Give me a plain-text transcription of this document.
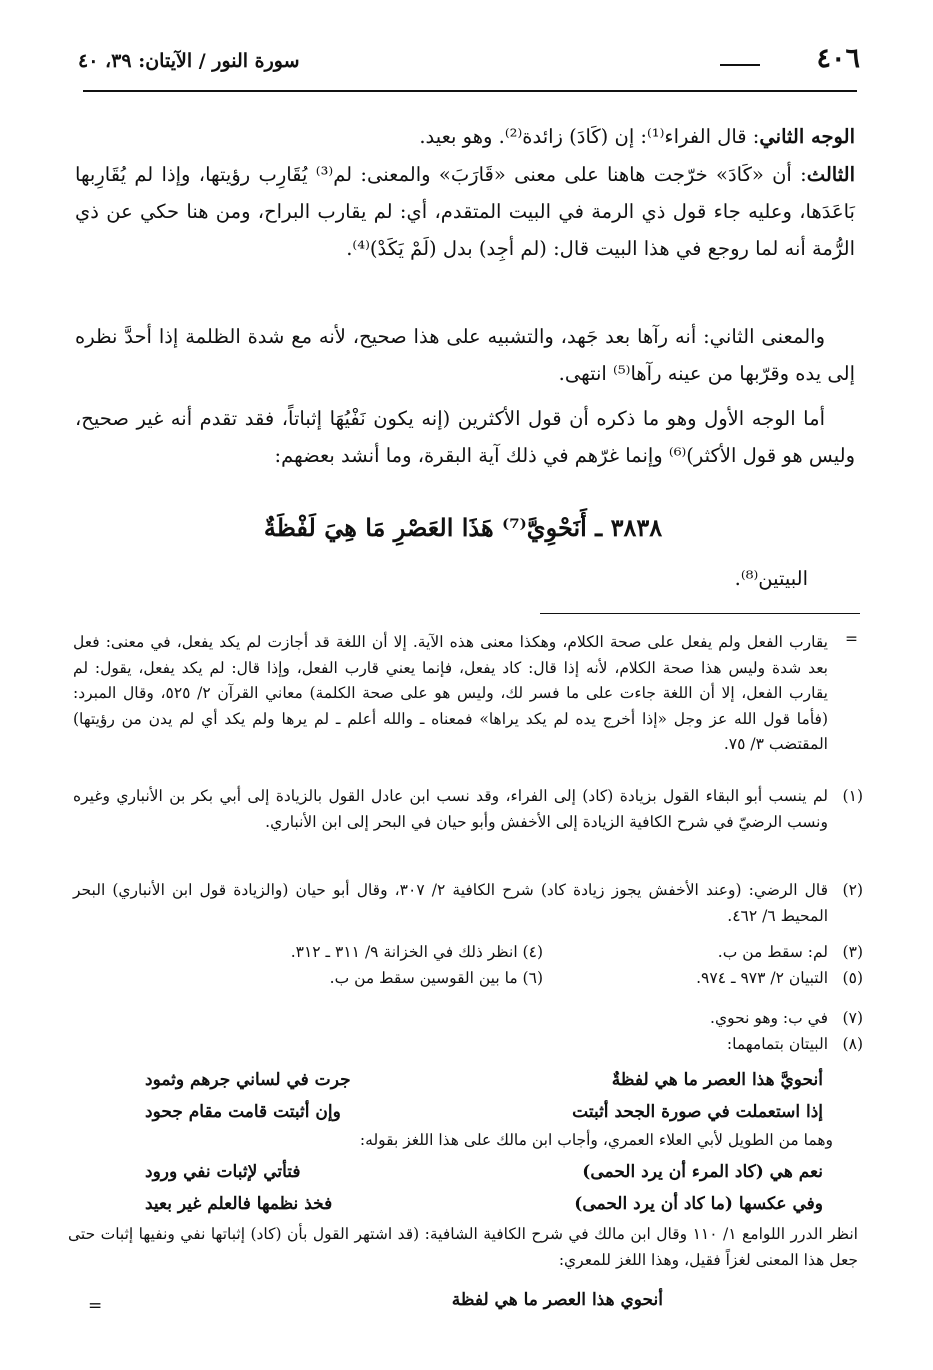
٤٠٦
سورة النور / الآيتان: ٣٩، ٤٠
الوجه الثاني: قال الفراء⁽¹⁾: إن (كَادَ) زائدة⁽²⁾. وهو بعيد.
الثالث: أن «كَادَ» خرّجت هاهنا على معنى «قَارَبَ» والمعنى: لم⁽³⁾ يُقَارِب رؤيتها، وإذا لم يُقَارِبها بَاعَدَها، وعليه جاء قول ذي الرمة في البيت المتقدم، أي: لم يقارب البراح، ومن هنا حكي عن ذي الرُّمة أنه لما روجع في هذا البيت قال: (لم أجِد) بدل (لَمْ يَكَدْ)⁽⁴⁾.
والمعنى الثاني: أنه رآها بعد جَهد، والتشبيه على هذا صحيح، لأنه مع شدة الظلمة إذا أحدَّ نظره إلى يده وقرّبها من عينه رآها⁽⁵⁾ انتهى.
أما الوجه الأول وهو ما ذكره أن قول الأكثرين (إنه يكون نَفْيُهَا إثباتاً، فقد تقدم أنه غير صحيح، وليس هو قول الأكثر)⁽⁶⁾ وإنما غرّهم في ذلك آية البقرة، وما أنشد بعضهم:
٣٨٣٨ ـ أَنَحْوِيَّ⁽⁷⁾ هَذَا العَصْرِ مَا هِيَ لَفْظَةٌ
البيتين⁽⁸⁾.
=
يقارب الفعل ولم يفعل على صحة الكلام، وهكذا معنى هذه الآية. إلا أن اللغة قد أجازت لم يكد يفعل، في معنى: فعل بعد شدة وليس هذا صحة الكلام، لأنه إذا قال: كاد يفعل، فإنما يعني قارب الفعل، وإذا قال: لم يكد يفعل، يقول: لم يقارب الفعل، إلا أن اللغة جاءت على ما فسر لك، وليس هو على صحة الكلمة) معاني القرآن ٢/ ٥٢٥، وقال المبرد: (فأما قول الله عز وجل «إذا أخرج يده لم يكد يراها» فمعناه ـ والله أعلم ـ لم يرها ولم يكد أي لم يدن من رؤيتها) المقتضب ٣/ ٧٥.
(١)
لم ينسب أبو البقاء القول بزيادة (كاد) إلى الفراء، وقد نسب ابن عادل القول بالزيادة إلى أبي بكر بن الأنباري وغيره ونسب الرضيّ في شرح الكافية الزيادة إلى الأخفش وأبو حيان في البحر إلى ابن الأنباري.
(٢)
قال الرضي: (وعند الأخفش يجوز زيادة كاد) شرح الكافية ٢/ ٣٠٧، وقال أبو حيان (والزيادة قول ابن الأنباري) البحر المحيط ٦/ ٤٦٢.
(٣)
لم: سقط من ب.
(٤) انظر ذلك في الخزانة ٩/ ٣١١ ـ ٣١٢.
(٥)
التبيان ٢/ ٩٧٣ ـ ٩٧٤.
(٦) ما بين القوسين سقط من ب.
(٧)
في ب: وهو نحوي.
(٨)
البيتان بتمامهما:
أنحويَّ هذا العصر ما هي لفظةٌ
جرت في لساني جرهم وثمود
إذا استعملت في صورة الجحد أثبتت
وإن أثبتت قامت مقام جحود
وهما من الطويل لأبي العلاء العمري، وأجاب ابن مالك على هذا اللغز بقوله:
نعم هي (كاد المرء أن يرد الحمى)
فتأتي لإثبات نفي ورود
وفي عكسها (ما كاد أن يرد الحمى)
فخذ نظمها فالعلم غير بعيد
انظر الدرر اللوامع ١/ ١١٠ وقال ابن مالك في شرح الكافية الشافية: (قد اشتهر القول بأن (كاد) إثباتها نفي ونفيها إثبات حتى جعل هذا المعنى لغزاً فقيل، وهذا اللغز للمعري:
أنحوي هذا العصر ما هي لفظة
=
